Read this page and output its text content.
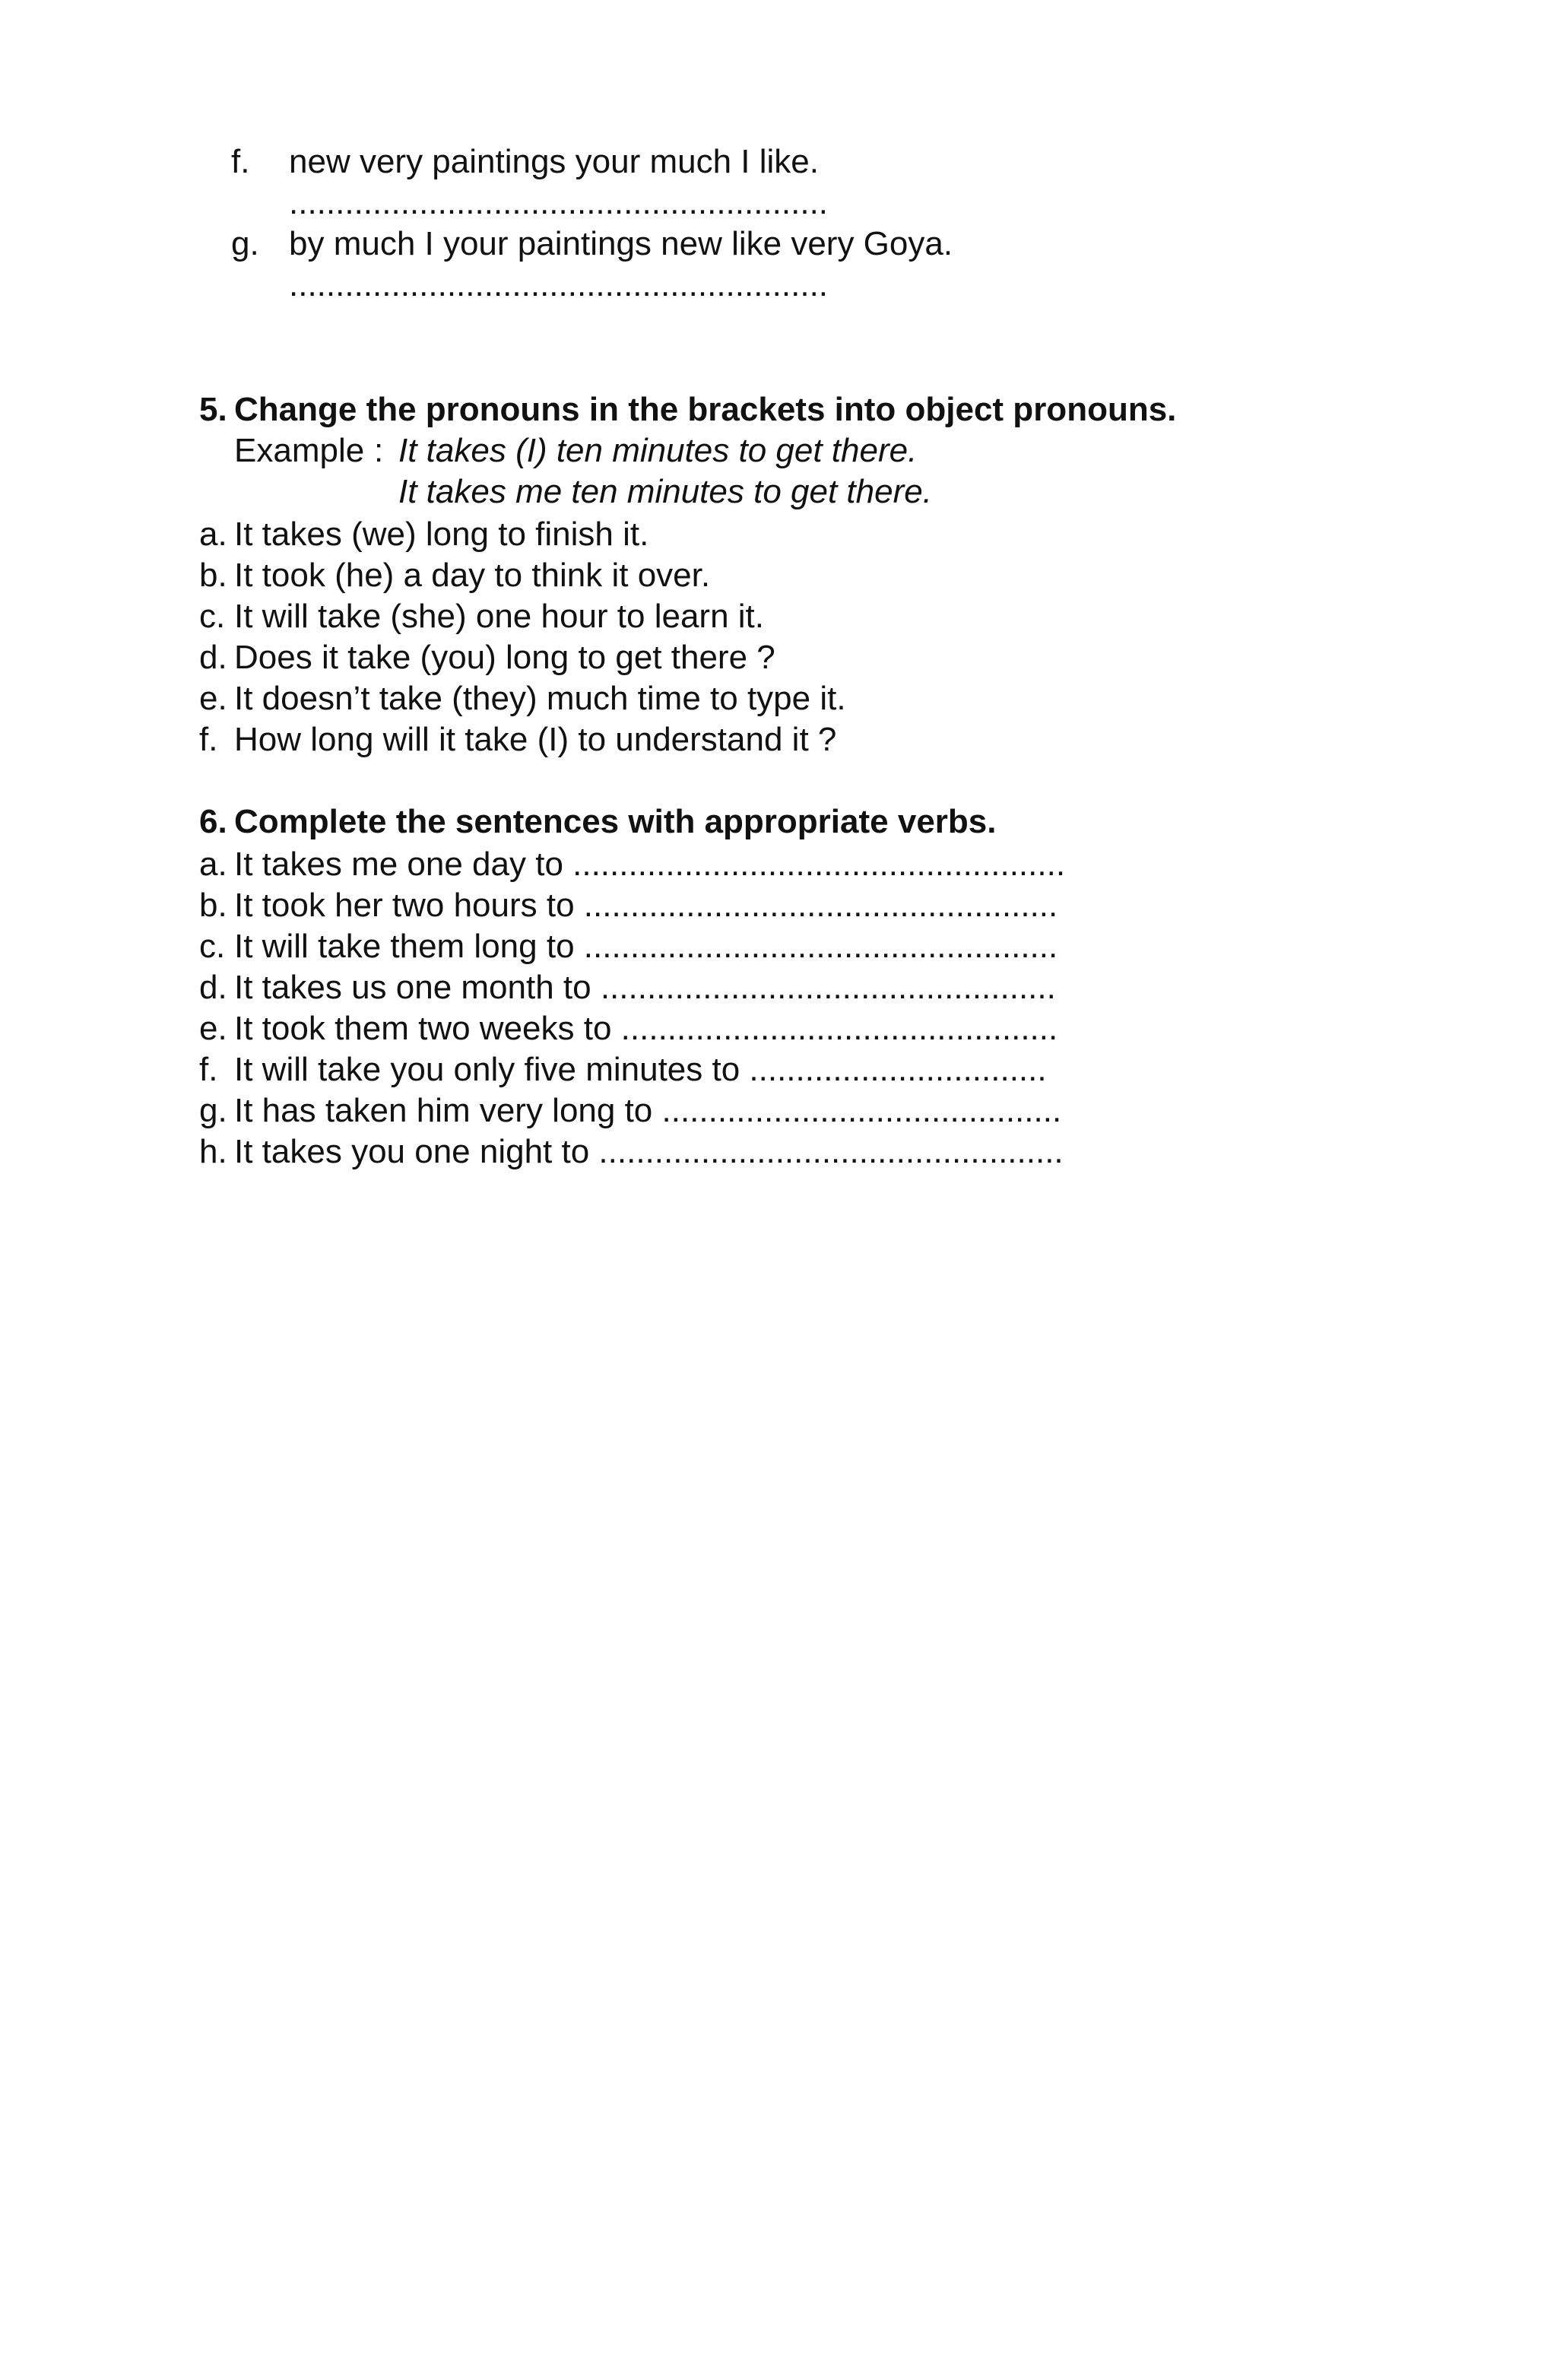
f. new very paintings your much I like.
..........................................................
g. by much I your paintings new like very Goya.
..........................................................
5. Change the pronouns in the brackets into object pronouns.
Example : It takes (I) ten minutes to get there.
It takes me ten minutes to get there.
a. It takes (we) long to finish it.
b. It took (he) a day to think it over.
c. It will take (she) one hour to learn it.
d. Does it take (you) long to get there ?
e. It doesn’t take (they) much time to type it.
f. How long will it take (I) to understand it ?
6. Complete the sentences with appropriate verbs.
a. It takes me one day to .....................................................
b. It took her two hours to ...................................................
c. It will take them long to ...................................................
d. It takes us one month to .................................................
e. It took them two weeks to ...............................................
f. It will take you only five minutes to ................................
g. It has taken him very long to ...........................................
h. It takes you one night to ..................................................
